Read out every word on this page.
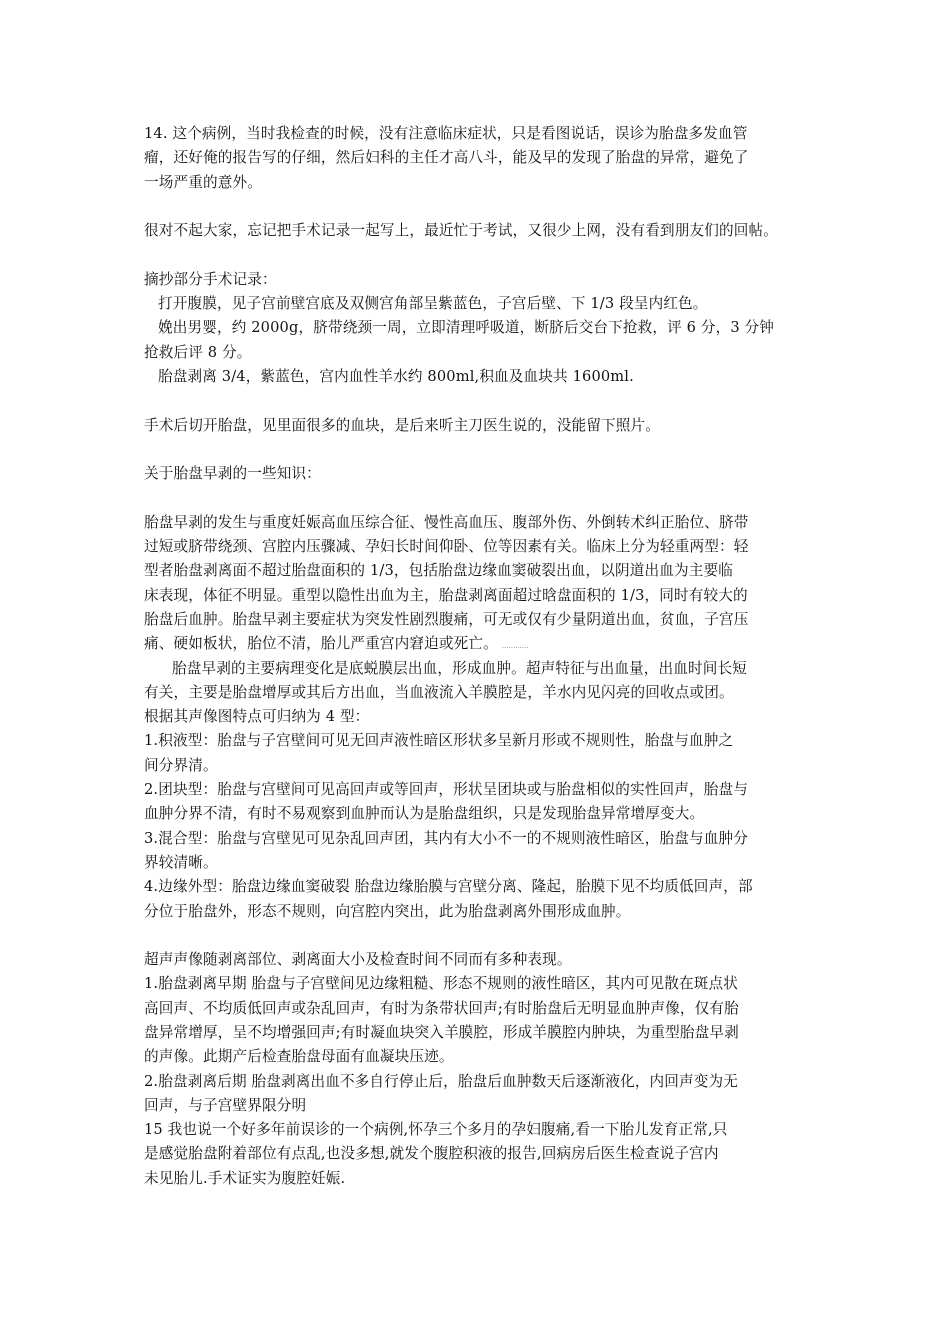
14. 这个病例，当时我检查的时候，没有注意临床症状，只是看图说话，误诊为胎盘多发血管
瘤，还好俺的报告写的仔细，然后妇科的主任才高八斗，能及早的发现了胎盘的异常，避免了
一场严重的意外。
很对不起大家，忘记把手术记录一起写上，最近忙于考试，又很少上网，没有看到朋友们的回帖。
摘抄部分手术记录：
打开腹膜，见子宫前壁宫底及双侧宫角部呈紫蓝色，子宫后壁、下 1/3 段呈内红色。
娩出男婴，约 2000g，脐带绕颈一周，立即清理呼吸道，断脐后交台下抢救，评 6 分，3 分钟
抢救后评 8 分。
胎盘剥离 3/4，紫蓝色，宫内血性羊水约 800ml,积血及血块共 1600ml.
手术后切开胎盘，见里面很多的血块，是后来听主刀医生说的，没能留下照片。
关于胎盘早剥的一些知识：
胎盘早剥的发生与重度妊娠高血压综合征、慢性高血压、腹部外伤、外倒转术纠正胎位、脐带
过短或脐带绕颈、宫腔内压骤减、孕妇长时间仰卧、位等因素有关。临床上分为轻重两型：轻
型者胎盘剥离面不超过胎盘面积的 1/3，包括胎盘边缘血窦破裂出血，以阴道出血为主要临
床表现，体征不明显。重型以隐性出血为主，胎盘剥离面超过晗盘面积的 1/3，同时有较大的
胎盘后血肿。胎盘早剥主要症状为突发性剧烈腹痛，可无或仅有少量阴道出血，贫血，子宫压
痛、硬如板状，胎位不清，胎儿严重宫内窘迫或死亡。 ............
胎盘早剥的主要病理变化是底蜕膜层出血，形成血肿。超声特征与出血量，出血时间长短
有关，主要是胎盘增厚或其后方出血，当血液流入羊膜腔是，羊水内见闪亮的回收点或团。
根据其声像图特点可归纳为 4 型：
1.积液型：胎盘与子宫壁间可见无回声液性暗区形状多呈新月形或不规则性，胎盘与血肿之
间分界清。
2.团块型：胎盘与宫壁间可见高回声或等回声，形状呈团块或与胎盘相似的实性回声，胎盘与
血肿分界不清，有时不易观察到血肿而认为是胎盘组织，只是发现胎盘异常增厚变大。
3.混合型：胎盘与宫壁见可见杂乱回声团，其内有大小不一的不规则液性暗区，胎盘与血肿分
界较清晰。
4.边缘外型：胎盘边缘血窦破裂 胎盘边缘胎膜与宫壁分离、隆起，胎膜下见不均质低回声，部
分位于胎盘外，形态不规则，向宫腔内突出，此为胎盘剥离外围形成血肿。
超声声像随剥离部位、剥离面大小及检查时间不同而有多种表现。
1.胎盘剥离早期 胎盘与子宫壁间见边缘粗糙、形态不规则的液性暗区，其内可见散在斑点状
高回声、不均质低回声或杂乱回声，有时为条带状回声;有时胎盘后无明显血肿声像，仅有胎
盘异常增厚，呈不均增强回声;有时凝血块突入羊膜腔，形成羊膜腔内肿块，为重型胎盘早剥
的声像。此期产后检查胎盘母面有血凝块压迹。
2.胎盘剥离后期 胎盘剥离出血不多自行停止后，胎盘后血肿数天后逐渐液化，内回声变为无
回声，与子宫壁界限分明
15 我也说一个好多年前误诊的一个病例,怀孕三个多月的孕妇腹痛,看一下胎儿发育正常,只
是感觉胎盘附着部位有点乱,也没多想,就发个腹腔积液的报告,回病房后医生检查说子宫内
未见胎儿.手术证实为腹腔妊娠.
